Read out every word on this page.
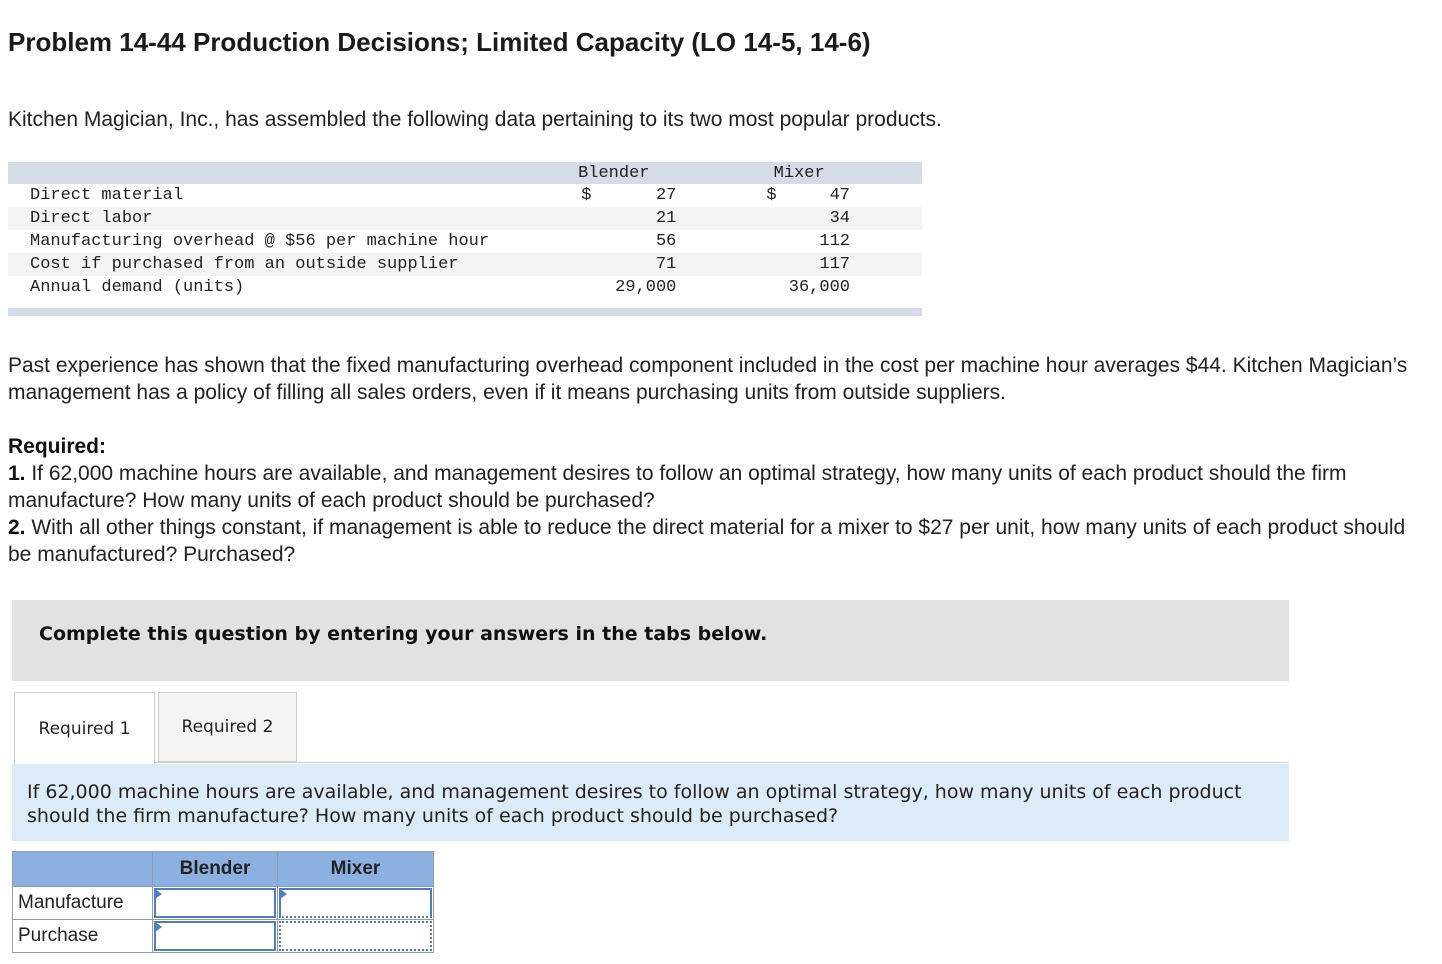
Problem 14-44 Production Decisions; Limited Capacity (LO 14-5, 14-6)

Kitchen Magician, Inc., has assembled the following data pertaining to its two most popular products.

	Blender		Mixer	
Direct material	$	27	$	47
Direct labor		21		34
Manufacturing overhead @ $56 per machine hour		56		112
Cost if purchased from an outside supplier		71		117
Annual demand (units)		29,000		36,000

Past experience has shown that the fixed manufacturing overhead component included in the cost per machine hour averages $44. Kitchen Magician’s management has a policy of filling all sales orders, even if it means purchasing units from outside suppliers.

Required:
1. If 62,000 machine hours are available, and management desires to follow an optimal strategy, how many units of each product should the firm manufacture? How many units of each product should be purchased?
2. With all other things constant, if management is able to reduce the direct material for a mixer to $27 per unit, how many units of each product should be manufactured? Purchased?
Complete this question by entering your answers in the tabs below.
Required 1	Required 2

If 62,000 machine hours are available, and management desires to follow an optimal strategy, how many units of each product should the firm manufacture? How many units of each product should be purchased?

	Blender	Mixer
Manufacture	

Purchase	
